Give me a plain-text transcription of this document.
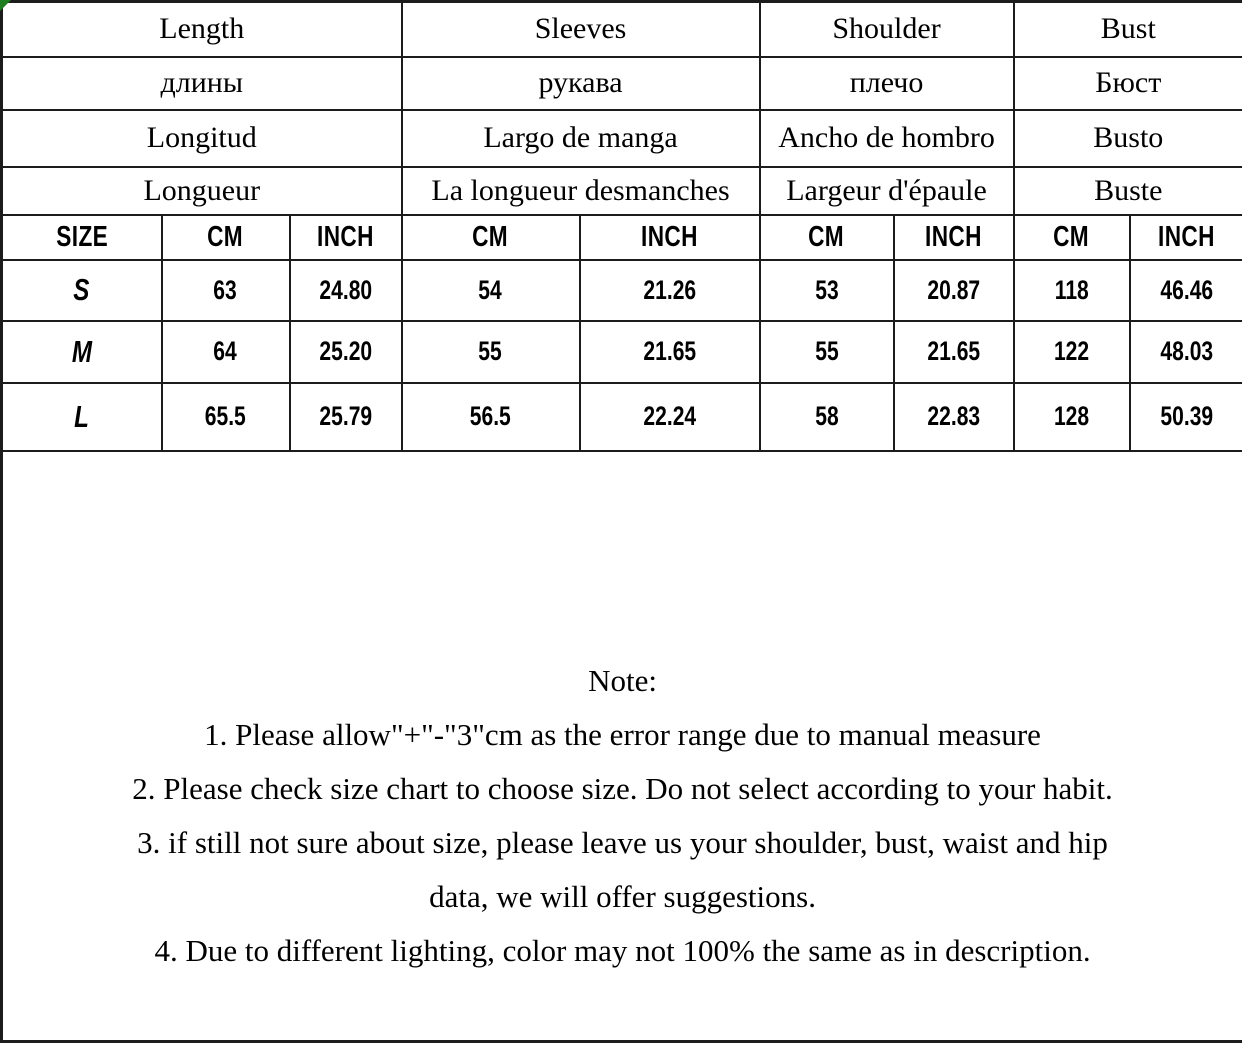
Length			Sleeves		Shoulder		Bust	
длины			рукава		плечо		Бюст	
Longitud			Largo de manga		Ancho de hombro		Busto	
Longueur			La longueur desmanches		Largeur d'épaule		Buste	
SIZE	CM	INCH	CM	INCH	CM	INCH	CM	INCH
S	63	24.80	54	21.26	53	20.87	118	46.46
M	64	25.20	55	21.65	55	21.65	122	48.03
L	65.5	25.79	56.5	22.24	58	22.83	128	50.39

Note:
1. Please allow"+"-"3"cm as the error range due to manual measure
2. Please check size chart to choose size. Do not select according to your habit.
3. if still not sure about size, please leave us your shoulder, bust, waist and hip
data, we will offer suggestions.
4. Due to different lighting, color may not 100% the same as in description.
